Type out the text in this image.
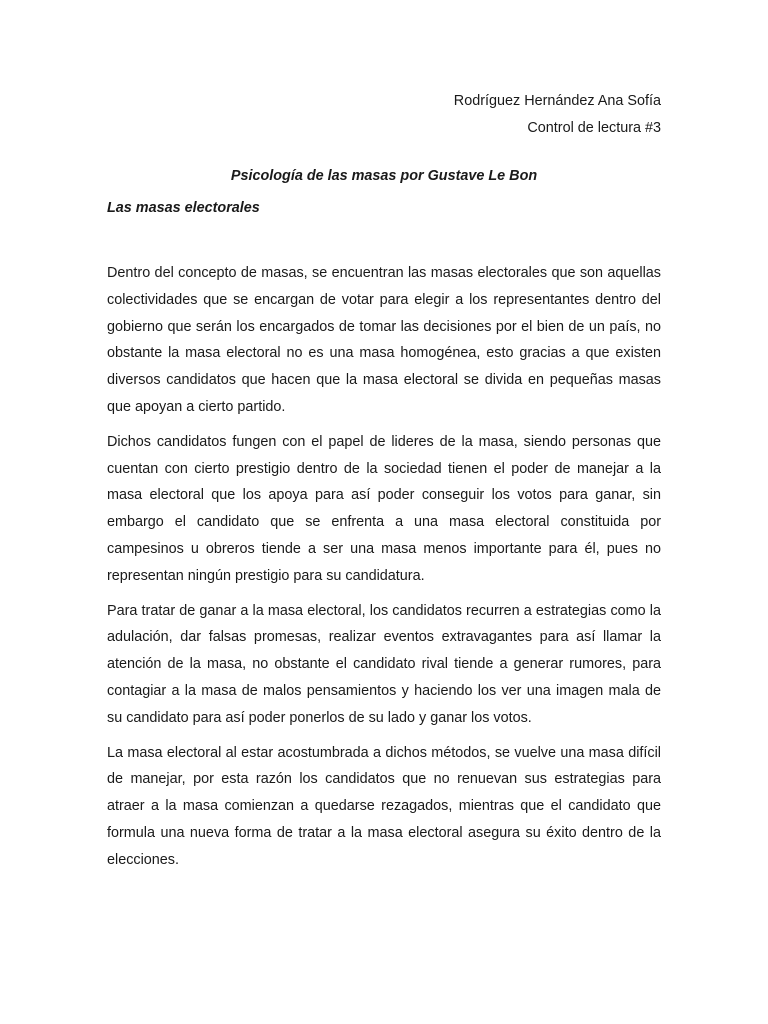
Rodríguez Hernández Ana Sofía

Control de lectura #3

Psicología de las masas por Gustave Le Bon
Las masas electorales

Dentro del concepto de masas, se encuentran las masas electorales que son aquellas colectividades que se encargan de votar para elegir a los representantes dentro del gobierno que serán los encargados de tomar las decisiones por el bien de un país, no obstante la masa electoral no es una masa homogénea, esto gracias a que existen diversos candidatos que hacen que la masa electoral se divida en pequeñas masas que apoyan a cierto partido.

Dichos candidatos fungen con el papel de lideres de la masa, siendo personas que cuentan con cierto prestigio dentro de la sociedad tienen el poder de manejar a la masa electoral que los apoya para así poder conseguir los votos para ganar, sin embargo el candidato que se enfrenta a una masa electoral constituida por campesinos u obreros tiende a ser una masa menos importante para él, pues no representan ningún prestigio para su candidatura.

Para tratar de ganar a la masa electoral, los candidatos recurren a estrategias como la adulación, dar falsas promesas, realizar eventos extravagantes para así llamar la atención de la masa, no obstante el candidato rival tiende a generar rumores, para contagiar a la masa de malos pensamientos y haciendo los ver una imagen mala de su candidato para así poder ponerlos de su lado y ganar los votos.

La masa electoral al estar acostumbrada a dichos métodos, se vuelve una masa difícil de manejar, por esta razón los candidatos que no renuevan sus estrategias para atraer a la masa comienzan a quedarse rezagados, mientras que el candidato que formula una nueva forma de tratar a la masa electoral asegura su éxito dentro de la elecciones.
